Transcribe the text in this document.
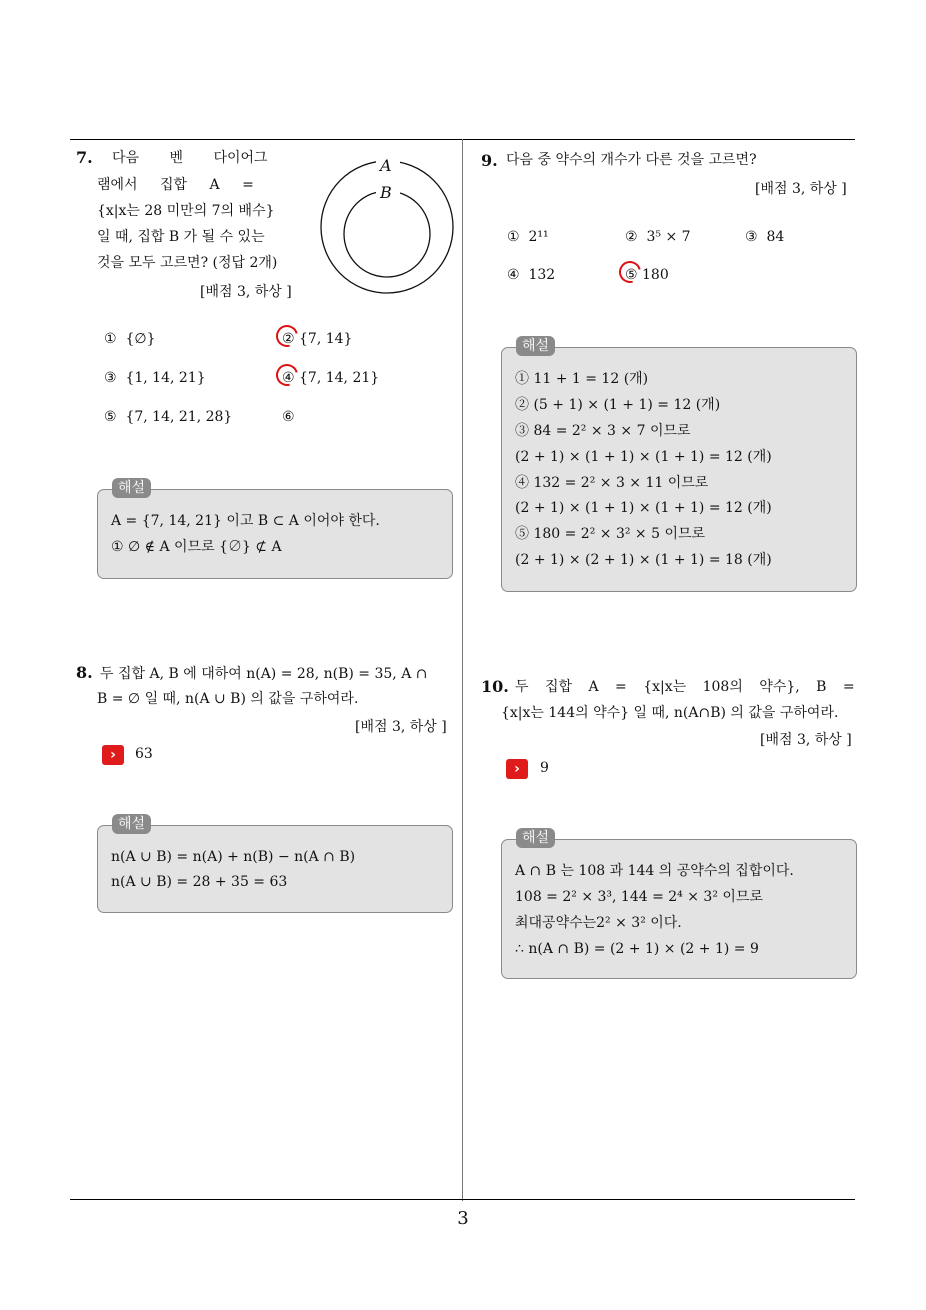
3
7. 다음 벤 다이어그
램에서 집합 A =
{x|x는 28 미만의 7의 배수}
일 때, 집합 B 가 될 수 있는
것을 모두 고르면? (정답 2개)
[배점 3, 하상 ]
A
B
① {∅}	② {7, 14}
③ {1, 14, 21}	④ {7, 14, 21}
⑤ {7, 14, 21, 28}	⑥
A = {7, 14, 21} 이고 B ⊂ A 이어야 한다.
① ∅ ∉ A 이므로 {∅} ⊄ A
해설
8. 두 집합 A, B 에 대하여 n(A) = 28, n(B) = 35, A ∩
B = ∅ 일 때, n(A ∪ B) 의 값을 구하여라.
[배점 3, 하상 ]
›	63
n(A ∪ B) = n(A) + n(B) − n(A ∩ B)
n(A ∪ B) = 28 + 35 = 63
해설
9. 다음 중 약수의 개수가 다른 것을 고르면?
[배점 3, 하상 ]
① 2¹¹	② 3⁵ × 7	③ 84
④ 132	⑤ 180
① 11 + 1 = 12 (개)
② (5 + 1) × (1 + 1) = 12 (개)
③ 84 = 2² × 3 × 7 이므로
(2 + 1) × (1 + 1) × (1 + 1) = 12 (개)
④ 132 = 2² × 3 × 11 이므로
(2 + 1) × (1 + 1) × (1 + 1) = 12 (개)
⑤ 180 = 2² × 3² × 5 이므로
(2 + 1) × (2 + 1) × (1 + 1) = 18 (개)
해설
10. 두 집합 A = {x|x는 108의 약수}, B =
{x|x는 144의 약수} 일 때, n(A∩B) 의 값을 구하여라.
[배점 3, 하상 ]
›	9
A ∩ B 는 108 과 144 의 공약수의 집합이다.
108 = 2² × 3³, 144 = 2⁴ × 3² 이므로
최대공약수는2² × 3² 이다.
∴ n(A ∩ B) = (2 + 1) × (2 + 1) = 9
해설
